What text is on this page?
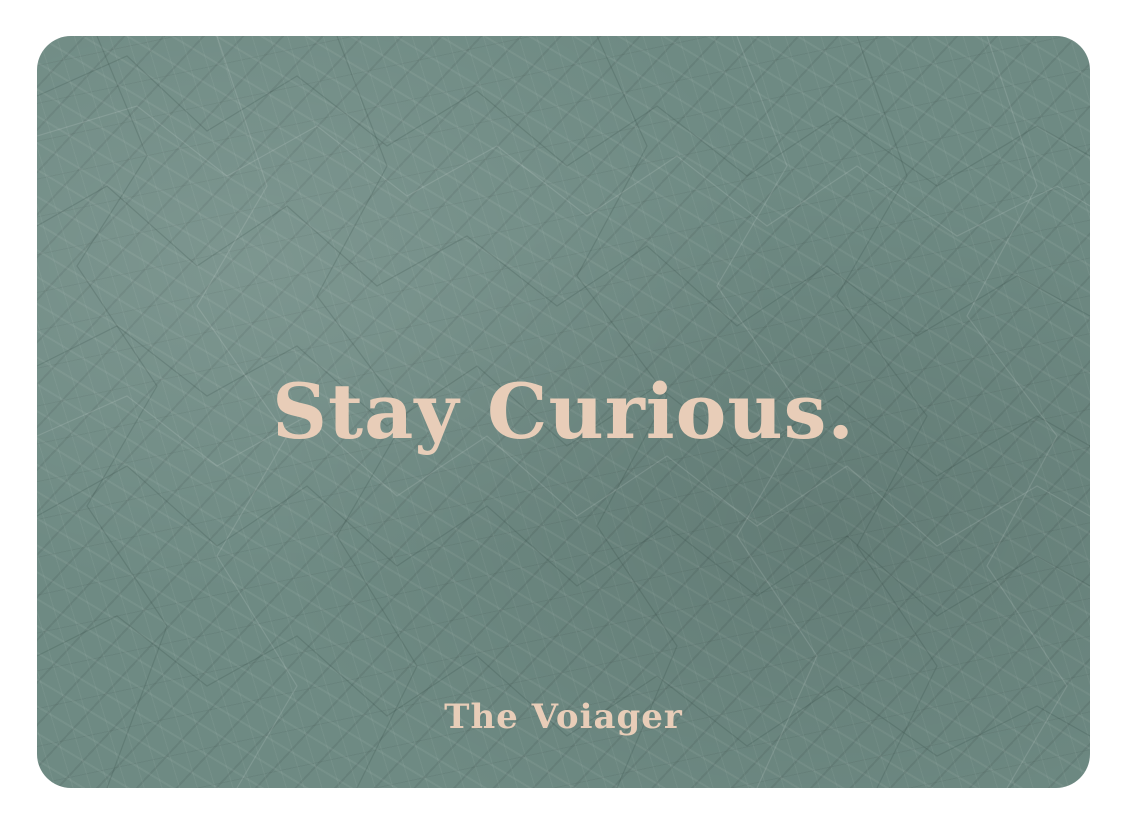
Stay Curious.
The Voiager
